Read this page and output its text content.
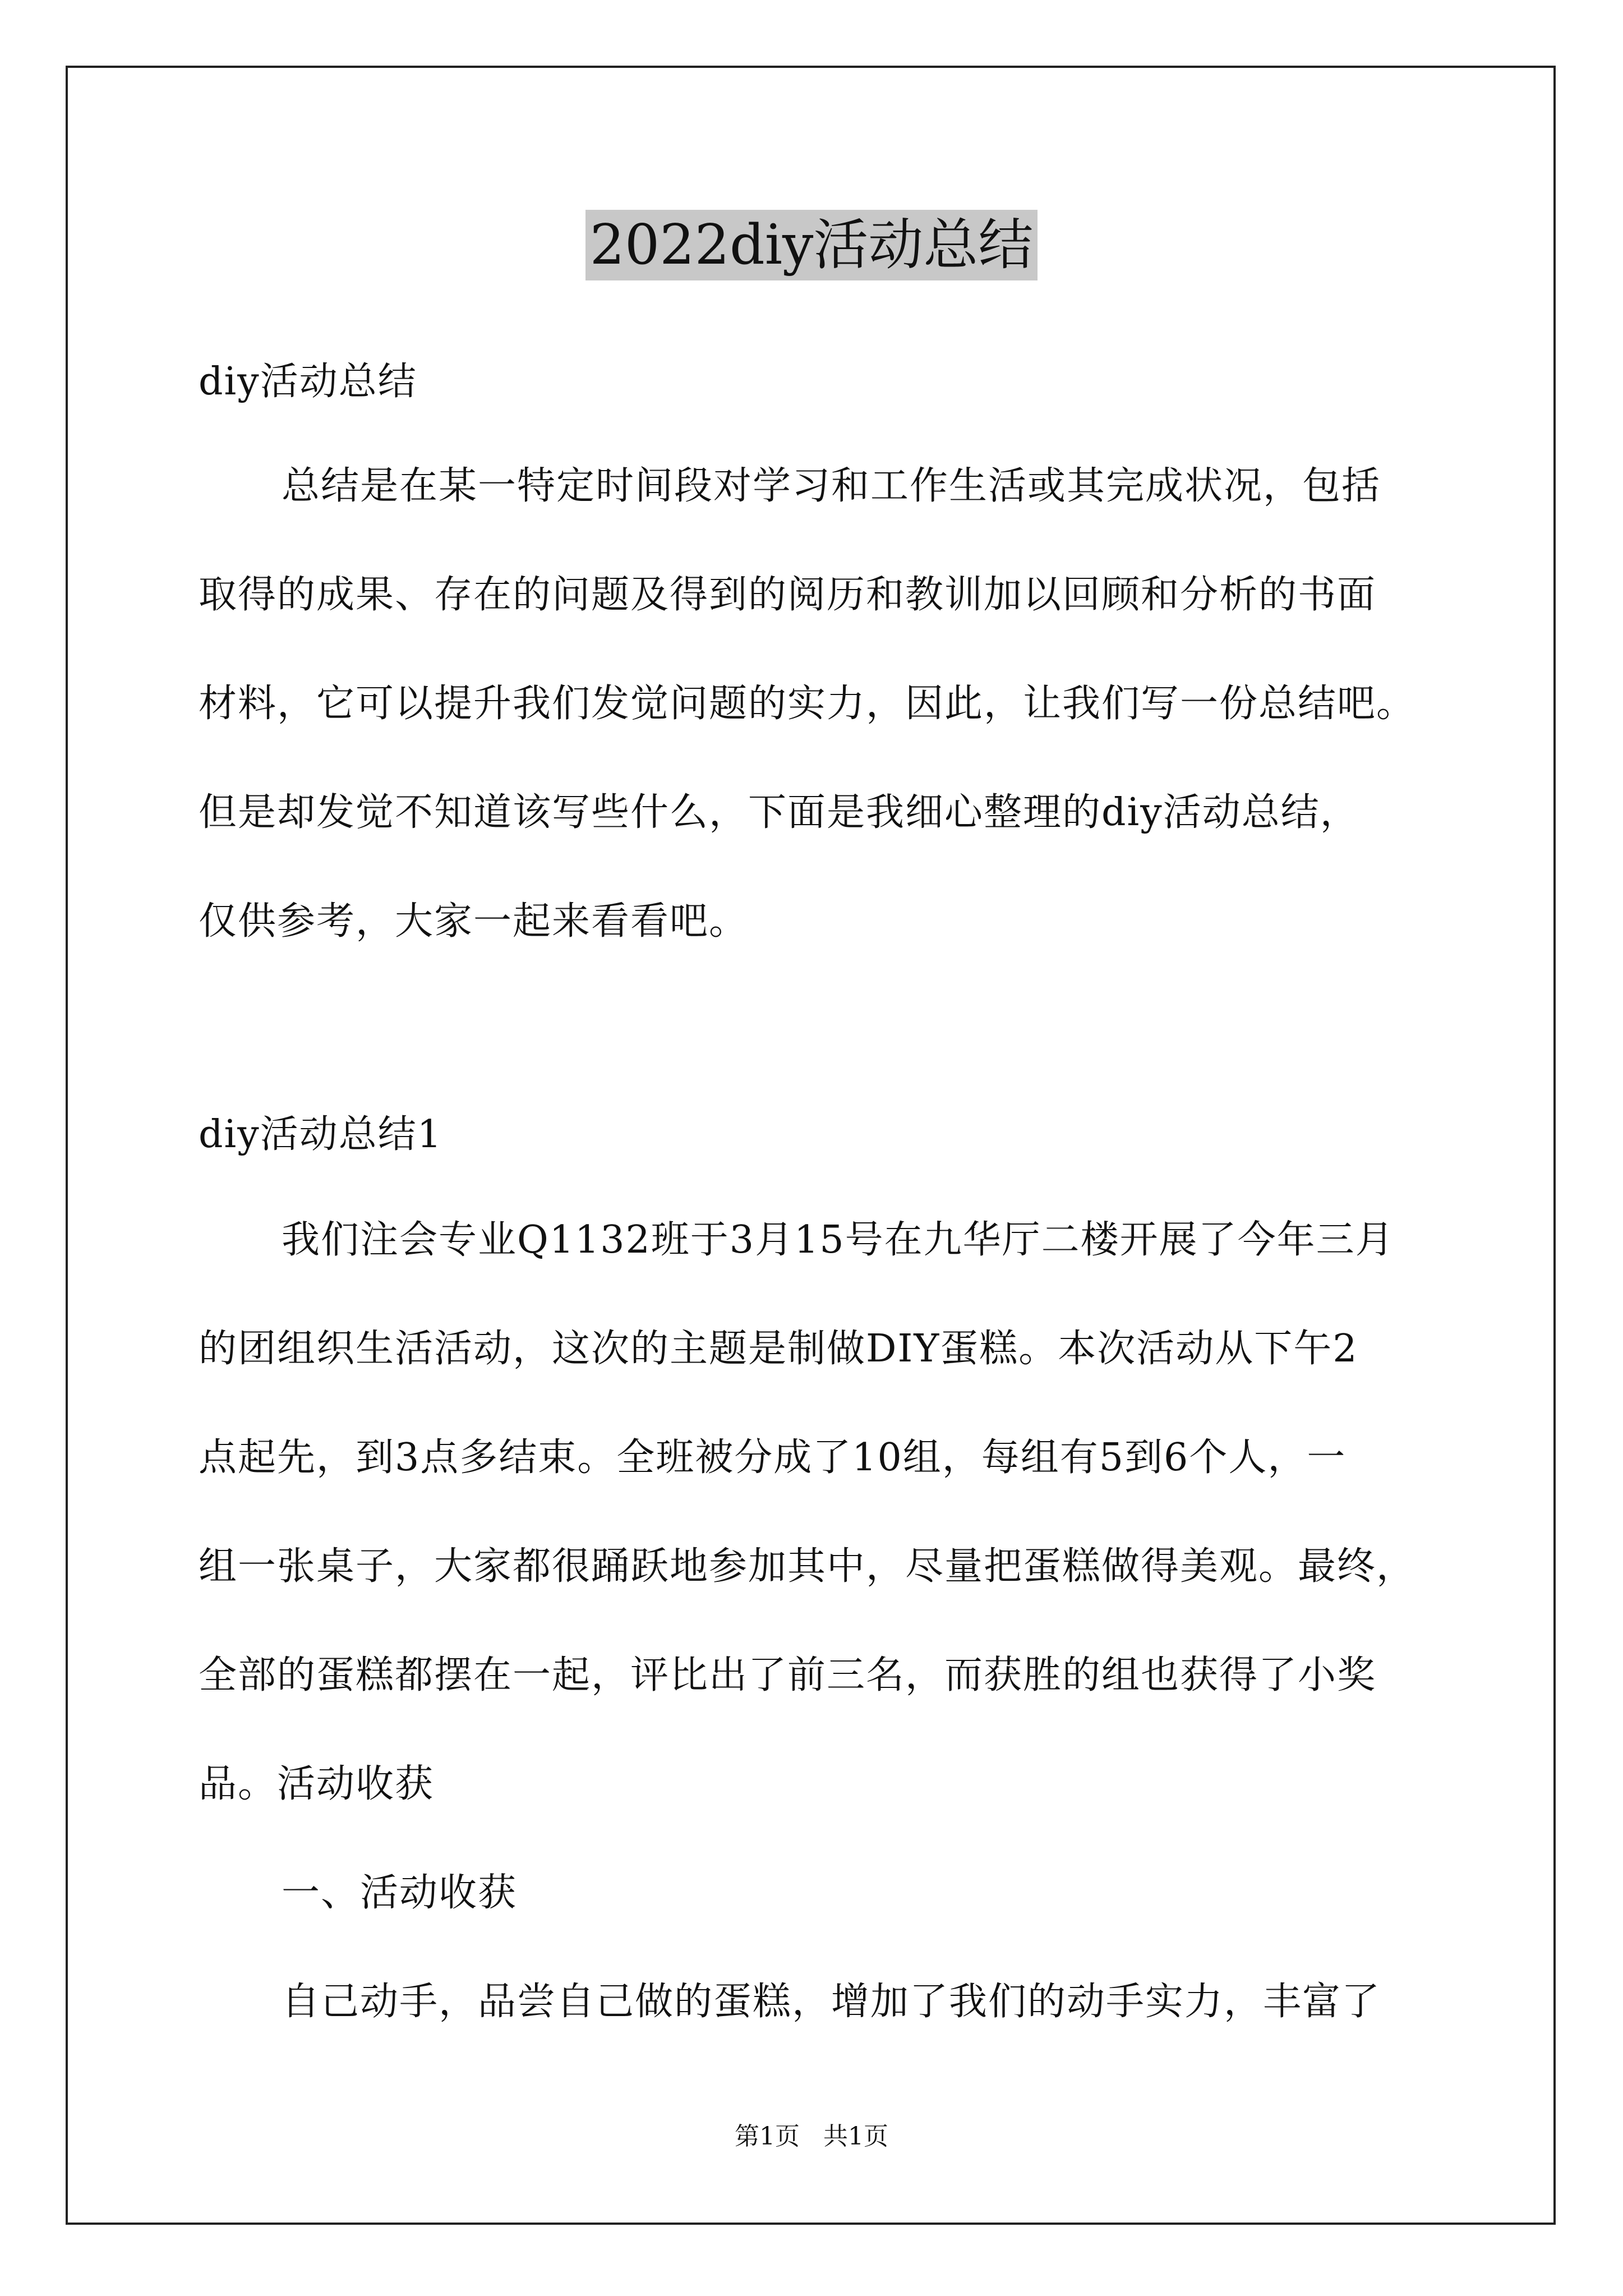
2022diy活动总结
diy活动总结
总结是在某一特定时间段对学习和工作生活或其完成状况，包括
取得的成果、存在的问题及得到的阅历和教训加以回顾和分析的书面
材料，它可以提升我们发觉问题的实力，因此，让我们写一份总结吧。
但是却发觉不知道该写些什么，下面是我细心整理的diy活动总结，
仅供参考，大家一起来看看吧。
diy活动总结1
我们注会专业Q1132班于3月15号在九华厅二楼开展了今年三月
的团组织生活活动，这次的主题是制做DIY蛋糕。本次活动从下午2
点起先，到3点多结束。全班被分成了10组，每组有5到6个人，一
组一张桌子，大家都很踊跃地参加其中，尽量把蛋糕做得美观。最终，
全部的蛋糕都摆在一起，评比出了前三名，而获胜的组也获得了小奖
品。活动收获
一、活动收获
自己动手，品尝自己做的蛋糕，增加了我们的动手实力，丰富了
第1页   共1页
